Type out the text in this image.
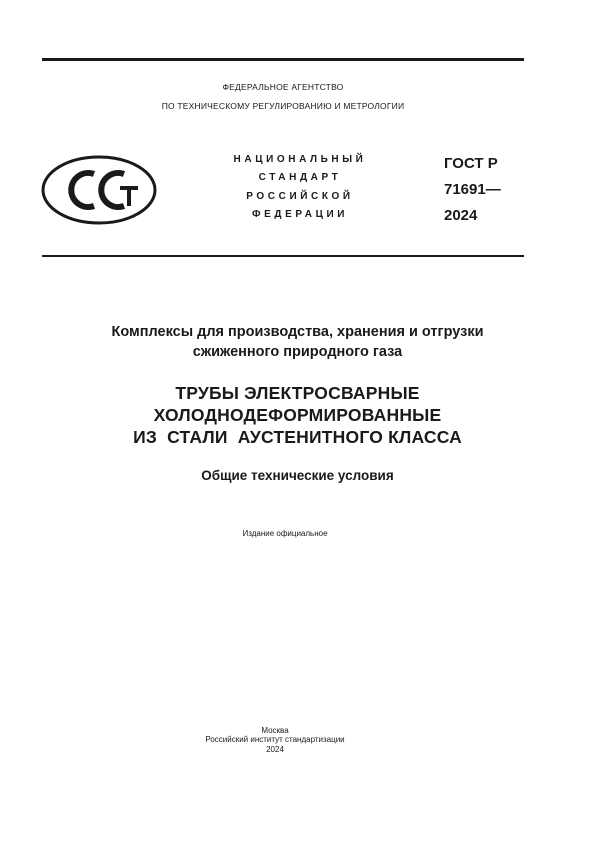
ФЕДЕРАЛЬНОЕ АГЕНТСТВО
ПО ТЕХНИЧЕСКОМУ РЕГУЛИРОВАНИЮ И МЕТРОЛОГИИ
НАЦИОНАЛЬНЫЙ
СТАНДАРТ
РОССИЙСКОЙ
ФЕДЕРАЦИИ
ГОСТ Р
71691—
2024
Комплексы для производства, хранения и отгрузки
сжиженного природного газа
ТРУБЫ ЭЛЕКТРОСВАРНЫЕ
ХОЛОДНОДЕФОРМИРОВАННЫЕ
ИЗ  СТАЛИ  АУСТЕНИТНОГО КЛАССА
Общие технические условия
Издание официальное
Москва
Российский институт стандартизации
2024
